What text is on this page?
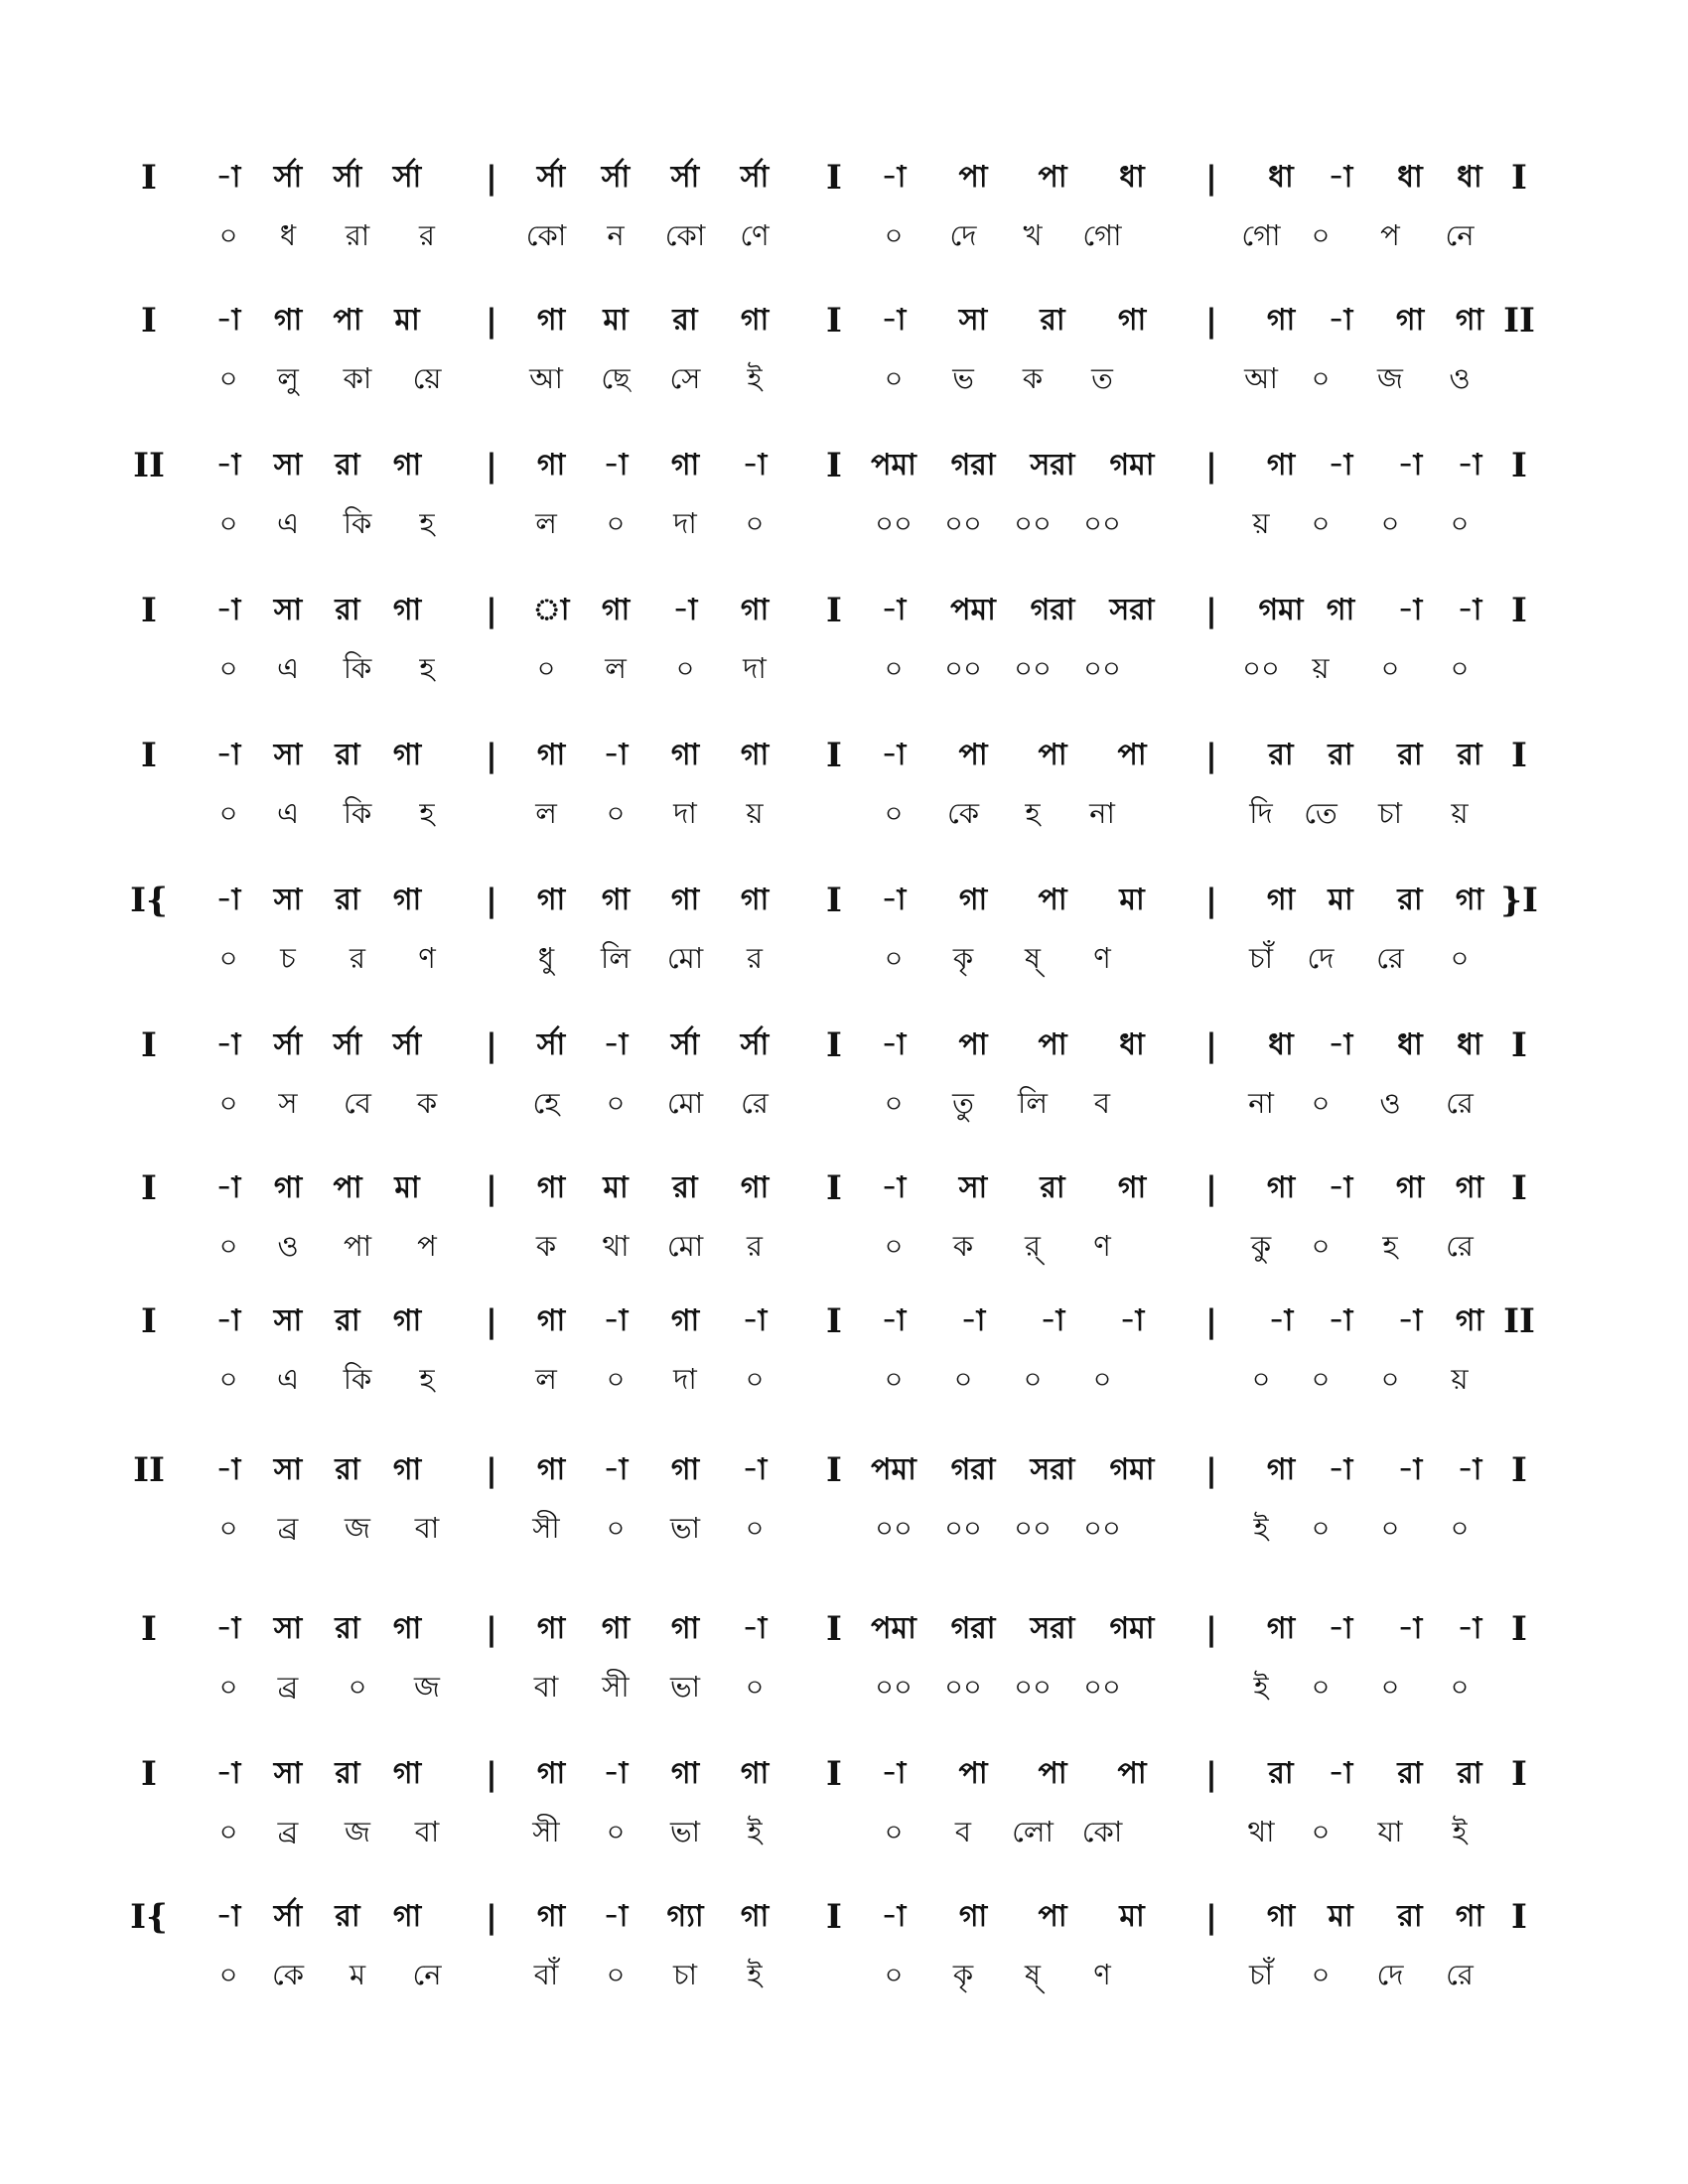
I -া র্সা র্সা র্সা | র্সা র্সা র্সা র্সা I -া পা পা ধা | ধা -া ধা ধা I
০ ধ রা র	কো ন কো ণে	০ দে খ গো	গো ০ প নে
I -া গা পা মা | গা মা রা গা I -া সা রা গা | গা -া গা গা II
০ লু কা য়ে	আ ছে সে ই	০ ভ ক ত	আ ০ জ ও
II -া সা রা গা | গা -া গা -া I পমা গরা সরা গমা | গা -া -া -া I
০ এ কি হ	ল ০ দা ০	০০ ০০ ০০ ০০	য় ০ ০ ০
I -া সা রা গা | া গা -া গা I -া পমা গরা সরা | গমা গা -া -া I
০ এ কি হ	০ ল ০ দা	০ ০০ ০০ ০০	০০ য় ০ ০
I -া সা রা গা | গা -া গা গা I -া পা পা পা | রা রা রা রা I
০ এ কি হ	ল ০ দা য়	০ কে হ না	দি তে চা য়
I{ -া সা রা গা | গা গা গা গা I -া গা পা মা | গা মা রা গা }I
০ চ র ণ	ধু লি মো র	০ কৃ ষ্ ণ	চাঁ দে রে ০
I -া র্সা র্সা র্সা | র্সা -া র্সা র্সা I -া পা পা ধা | ধা -া ধা ধা I
০ স বে ক	হে ০ মো রে	০ তু লি ব	না ০ ও রে
I -া গা পা মা | গা মা রা গা I -া সা রা গা | গা -া গা গা I
০ ও পা প	ক থা মো র	০ ক র্ ণ	কু ০ হ রে
I -া সা রা গা | গা -া গা -া I -া -া -া -া | -া -া -া গা II
০ এ কি হ	ল ০ দা ০	০ ০ ০ ০	০ ০ ০ য়
II -া সা রা গা | গা -া গা -া I পমা গরা সরা গমা | গা -া -া -া I
০ ব্র জ বা	সী ০ ভা ০	০০ ০০ ০০ ০০	ই ০ ০ ০
I -া সা রা গা | গা গা গা -া I পমা গরা সরা গমা | গা -া -া -া I
০ ব্র ০ জ	বা সী ভা ০	০০ ০০ ০০ ০০	ই ০ ০ ০
I -া সা রা গা | গা -া গা গা I -া পা পা পা | রা -া রা রা I
০ ব্র জ বা	সী ০ ভা ই	০ ব লো কো	থা ০ যা ই
I{ -া র্সা রা গা | গা -া গ্যা গা I -া গা পা মা | গা মা রা গা I
০ কে ম নে	বাঁ ০ চা ই	০ কৃ ষ্ ণ	চাঁ ০ দে রে
